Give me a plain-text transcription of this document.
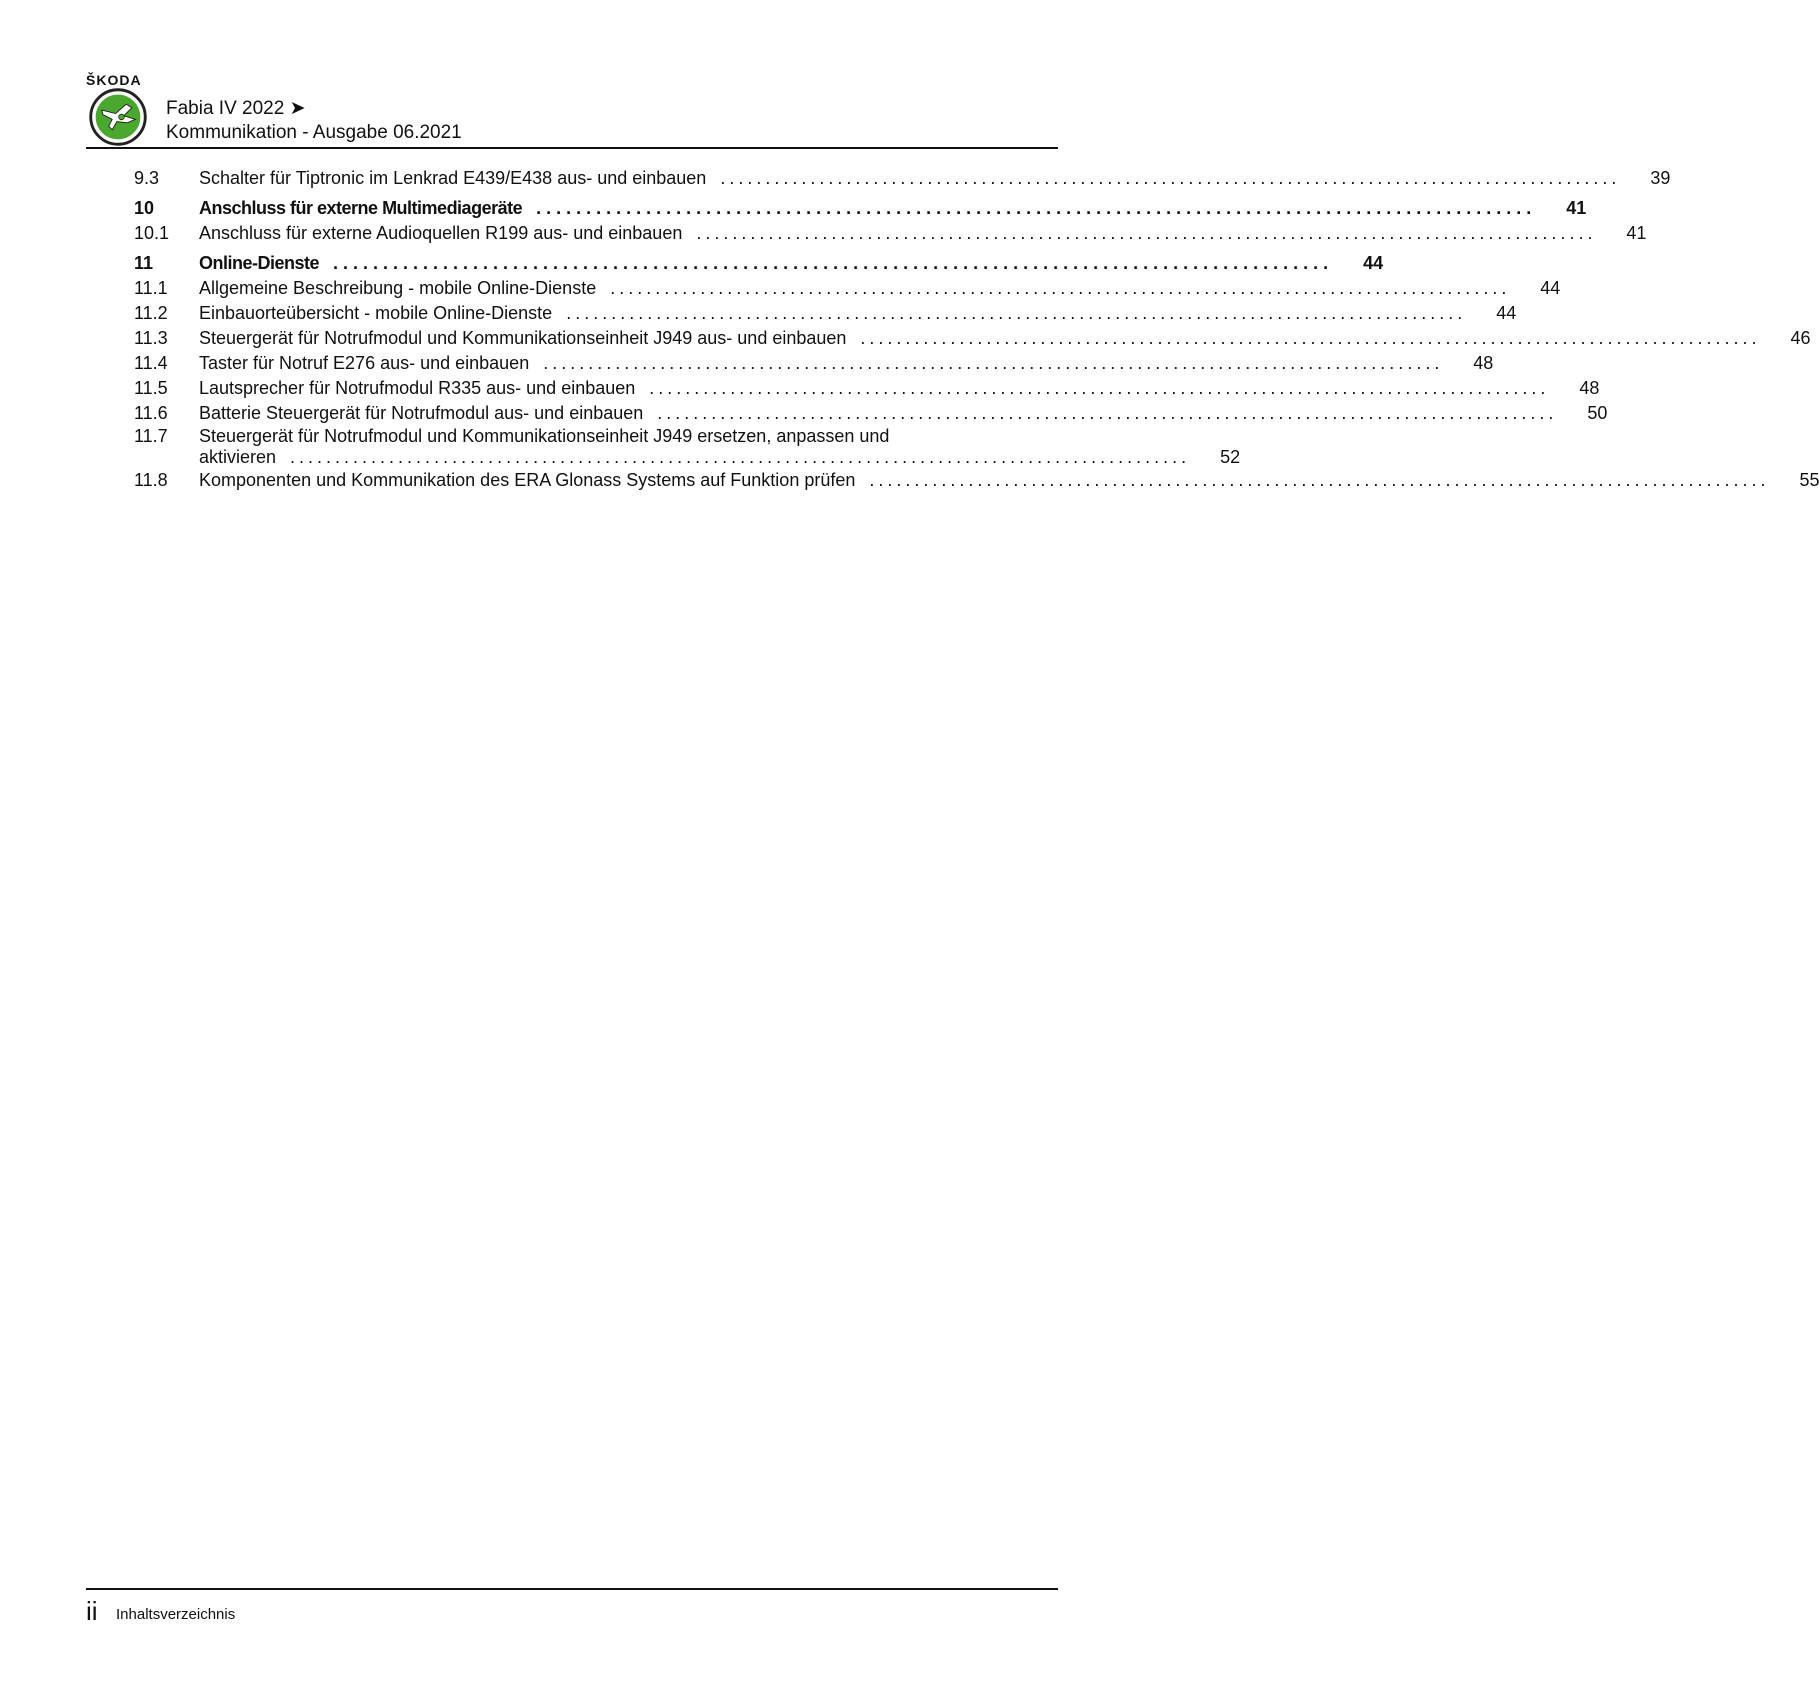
ŠKODA
Fabia IV 2022 ➤
Kommunikation - Ausgabe 06.2021
9.3	Schalter für Tiptronic im Lenkrad E439/E438 aus- und einbauen ....................................................................................................	39
10	Anschluss für externe Multimediageräte ....................................................................................................	41
10.1	Anschluss für externe Audioquellen R199 aus- und einbauen ....................................................................................................	41
11	Online-Dienste ....................................................................................................	44
11.1	Allgemeine Beschreibung - mobile Online-Dienste ....................................................................................................	44
11.2	Einbauorteübersicht - mobile Online-Dienste ....................................................................................................	44
11.3	Steuergerät für Notrufmodul und Kommunikationseinheit J949 aus- und einbauen ....................................................................................................	46
11.4	Taster für Notruf E276 aus- und einbauen ....................................................................................................	48
11.5	Lautsprecher für Notrufmodul R335 aus- und einbauen ....................................................................................................	48
11.6	Batterie Steuergerät für Notrufmodul aus- und einbauen ....................................................................................................	50
11.7	Steuergerät für Notrufmodul und Kommunikationseinheit J949 ersetzen, anpassen und
aktivieren ....................................................................................................	52
11.8	Komponenten und Kommunikation des ERA Glonass Systems auf Funktion prüfen ....................................................................................................	55
ii Inhaltsverzeichnis
